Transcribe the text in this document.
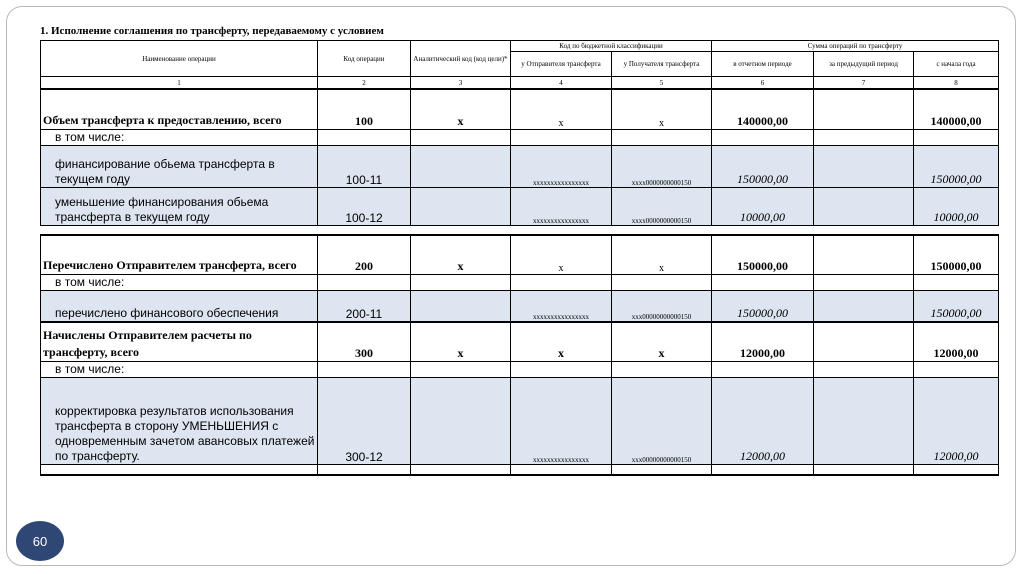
1. Исполнение соглашения по трансферту, передаваемому с условием
Наименование операции	Код операции	Аналитический код (код цели)*	Код по бюджетной классификации		Сумма операций по трансферту		
			у Отправителя трансферта	у Получателя трансферта	в отчетном периоде	за предыдущий период	с начала года
1	2	3	4	5	6	7	8
Объем трансферта к предоставлению, всего	100	х	х	х	140000,00		140000,00
в том числе:							
финансирование обьема трансферта в текущем году	100-11		хххххххххххххххх	хххх0000000000150	150000,00		150000,00
уменьшение финансирования обьема трансферта в текущем году	100-12		хххххххххххххххх	хххх0000000000150	10000,00		10000,00

Перечислено Отправителем трансферта, всего	200	х	х	х	150000,00		150000,00
в том числе:							
перечислено финансового обеспечения	200-11		хххххххххххххххх	ххх00000000000150	150000,00		150000,00
Начислены Отправителем расчеты по трансферту, всего	300	х	х	х	12000,00		12000,00
в том числе:							
корректировка результатов использования трансферта в сторону УМЕНЬШЕНИЯ с одновременным зачетом авансовых платежей по трансферту.	300-12		хххххххххххххххх	ххх00000000000150	12000,00		12000,00

60
